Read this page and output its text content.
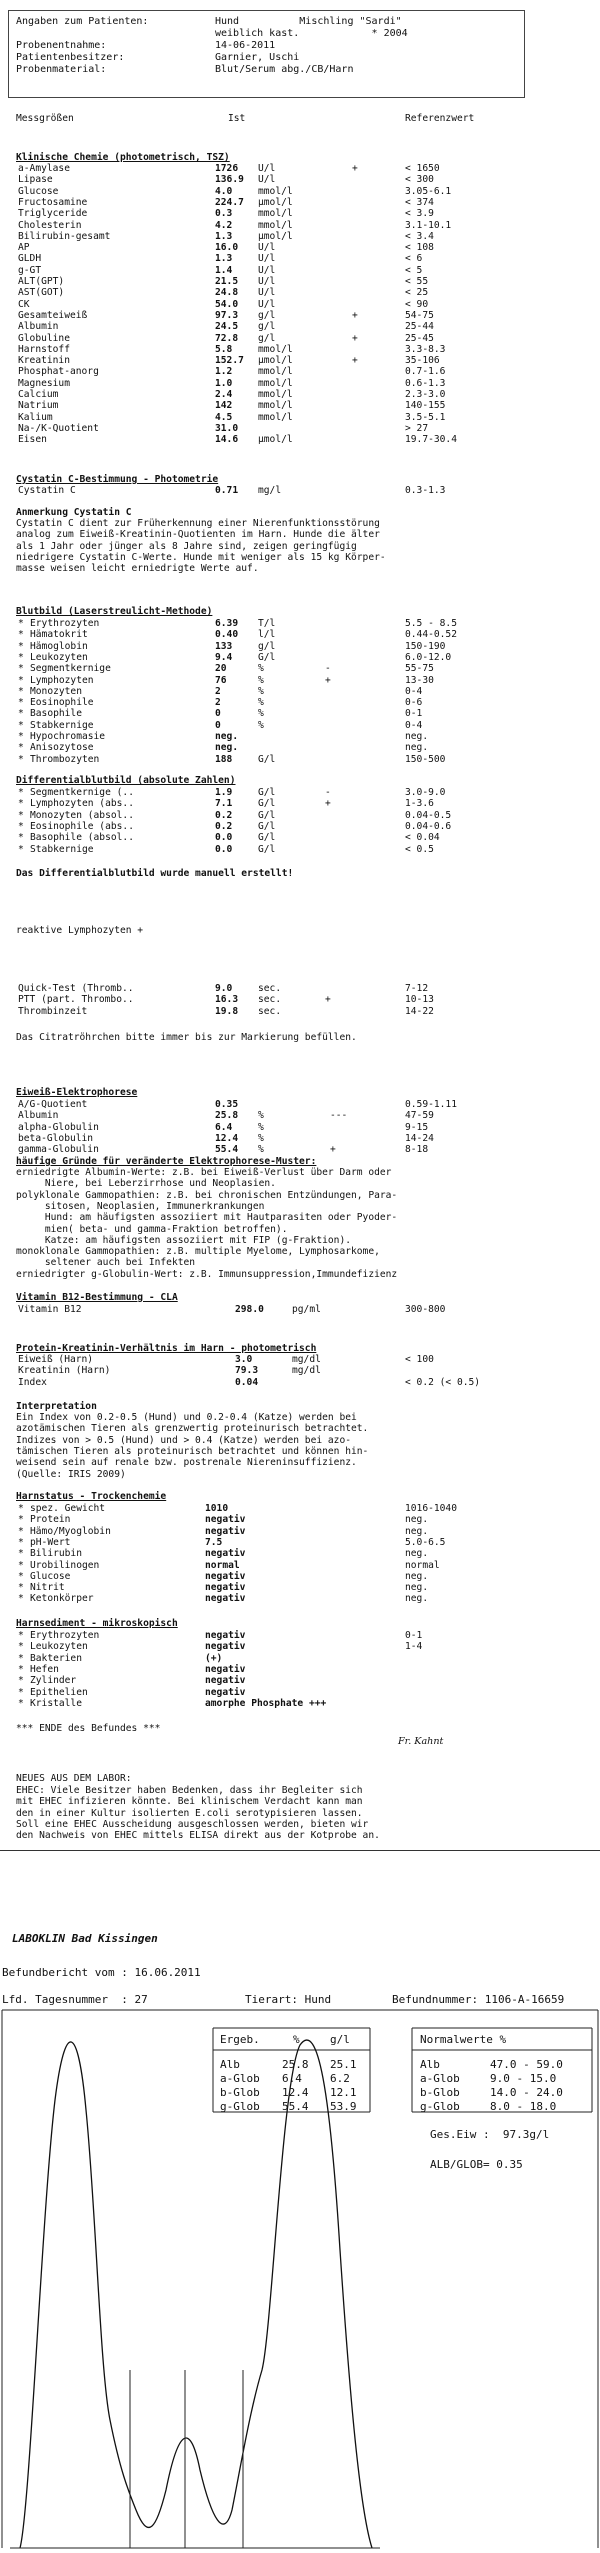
Angaben zum Patienten:	Hund          Mischling "Sardi"
weiblich kast.            * 2004
Probenentnahme:	14-06-2011
Patientenbesitzer:	Garnier, Uschi
Probenmaterial:	Blut/Serum abg./CB/Harn
Messgrößen	Ist	Referenzwert
Klinische Chemie (photometrisch, TSZ)
a-Amylase	1726 U/l	+	< 1650
Lipase	136.9 U/l	< 300
Glucose	4.0	mmol/l	3.05-6.1
Fructosamine	224.7 µmol/l	< 374
Triglyceride	0.3	mmol/l	< 3.9
Cholesterin	4.2	mmol/l	3.1-10.1
Bilirubin-gesamt	1.3	µmol/l	< 3.4
AP	16.0 U/l	< 108
GLDH	1.3	U/l	< 6
g-GT	1.4	U/l	< 5
ALT(GPT)	21.5 U/l	< 55
AST(GOT)	24.8 U/l	< 25
CK	54.0 U/l	< 90
Gesamteiweiß	97.3 g/l	+	54-75
Albumin	24.5 g/l	25-44
Globuline	72.8 g/l	+	25-45
Harnstoff	5.8	mmol/l	3.3-8.3
Kreatinin	152.7 µmol/l	+	35-106
Phosphat-anorg	1.2	mmol/l	0.7-1.6
Magnesium	1.0	mmol/l	0.6-1.3
Calcium	2.4	mmol/l	2.3-3.0
Natrium	142	mmol/l	140-155
Kalium	4.5	mmol/l	3.5-5.1
Na-/K-Quotient	31.0	> 27
Eisen	14.6 µmol/l	19.7-30.4
Cystatin C-Bestimmung - Photometrie
Cystatin C	0.71 mg/l	0.3-1.3
Anmerkung Cystatin C
Cystatin C dient zur Früherkennung einer Nierenfunktionsstörung
analog zum Eiweiß-Kreatinin-Quotienten im Harn. Hunde die älter
als 1 Jahr oder jünger als 8 Jahre sind, zeigen geringfügig
niedrigere Cystatin C-Werte. Hunde mit weniger als 15 kg Körper-
masse weisen leicht erniedrigte Werte auf.
Blutbild (Laserstreulicht-Methode)
* Erythrozyten	6.39 T/l	5.5 - 8.5
* Hämatokrit	0.40 l/l	0.44-0.52
* Hämoglobin	133	g/l	150-190
* Leukozyten	9.4	G/l	6.0-12.0
* Segmentkernige	20	%	-	55-75
* Lymphozyten	76	%	+	13-30
* Monozyten	2	%	0-4
* Eosinophile	2	%	0-6
* Basophile	0	%	0-1
* Stabkernige	0	%	0-4
* Hypochromasie	neg.	neg.
* Anisozytose	neg.	neg.
* Thrombozyten	188	G/l	150-500
Differentialblutbild (absolute Zahlen)
* Segmentkernige (..	1.9	G/l	-	3.0-9.0
* Lymphozyten (abs..	7.1	G/l	+	1-3.6
* Monozyten (absol..	0.2	G/l	0.04-0.5
* Eosinophile (abs..	0.2	G/l	0.04-0.6
* Basophile (absol..	0.0	G/l	< 0.04
* Stabkernige	0.0	G/l	< 0.5
Das Differentialblutbild wurde manuell erstellt!
reaktive Lymphozyten +
Quick-Test (Thromb..	9.0	sec.	7-12
PTT (part. Thrombo..	16.3 sec.	+	10-13
Thrombinzeit	19.8 sec.	14-22
Das Citratröhrchen bitte immer bis zur Markierung befüllen.
Eiweiß-Elektrophorese
A/G-Quotient	0.35	0.59-1.11
Albumin	25.8 %	---	47-59
alpha-Globulin	6.4	%	9-15
beta-Globulin	12.4 %	14-24
gamma-Globulin	55.4 %	+	8-18
häufige Gründe für veränderte Elektrophorese-Muster:
erniedrigte Albumin-Werte: z.B. bei Eiweiß-Verlust über Darm oder
Niere, bei Leberzirrhose und Neoplasien.
polyklonale Gammopathien: z.B. bei chronischen Entzündungen, Para-
sitosen, Neoplasien, Immunerkrankungen
Hund: am häufigsten assoziiert mit Hautparasiten oder Pyoder-
mien( beta- und gamma-Fraktion betroffen).
Katze: am häufigsten assoziiert mit FIP (g-Fraktion).
monoklonale Gammopathien: z.B. multiple Myelome, Lymphosarkome,
seltener auch bei Infekten
erniedrigter g-Globulin-Wert: z.B. Immunsuppression,Immundefizienz
Vitamin B12-Bestimmung - CLA
Vitamin B12	298.0	pg/ml	300-800
Protein-Kreatinin-Verhältnis im Harn - photometrisch
Eiweiß (Harn)	3.0	mg/dl	< 100
Kreatinin (Harn)	79.3	mg/dl
Index	0.04	< 0.2 (< 0.5)
Interpretation
Ein Index von 0.2-0.5 (Hund) und 0.2-0.4 (Katze) werden bei
azotämischen Tieren als grenzwertig proteinurisch betrachtet.
Indizes von > 0.5 (Hund) und > 0.4 (Katze) werden bei azo-
tämischen Tieren als proteinurisch betrachtet und können hin-
weisend sein auf renale bzw. postrenale Niereninsuffizienz.
(Quelle: IRIS 2009)
Harnstatus - Trockenchemie
* spez. Gewicht	1010	1016-1040
* Protein	negativ	neg.
* Hämo/Myoglobin	negativ	neg.
* pH-Wert	7.5	5.0-6.5
* Bilirubin	negativ	neg.
* Urobilinogen	normal	normal
* Glucose	negativ	neg.
* Nitrit	negativ	neg.
* Ketonkörper	negativ	neg.
Harnsediment - mikroskopisch
* Erythrozyten	negativ	0-1
* Leukozyten	negativ	1-4
* Bakterien	(+)
* Hefen	negativ
* Zylinder	negativ
* Epithelien	negativ
* Kristalle	amorphe Phosphate +++
*** ENDE des Befundes ***
Fr. Kahnt
NEUES AUS DEM LABOR:
EHEC: Viele Besitzer haben Bedenken, dass ihr Begleiter sich
mit EHEC infizieren könnte. Bei klinischem Verdacht kann man
den in einer Kultur isolierten E.coli serotypisieren lassen.
Soll eine EHEC Ausscheidung ausgeschlossen werden, bieten wir
den Nachweis von EHEC mittels ELISA direkt aus der Kotprobe an.
LABOKLIN Bad Kissingen
Befundbericht vom : 16.06.2011
Lfd. Tagesnummer  : 27	Tierart: Hund	Befundnummer: 1106-A-16659
Ergeb.	%	g/l
Alb	25.8 25.1
a-Glob 6.4	6.2
b-Glob 12.4 12.1
g-Glob 55.4 53.9
Normalwerte %
Alb	47.0 - 59.0
a-Glob	9.0 - 15.0
b-Glob	14.0 - 24.0
g-Glob	8.0 - 18.0
Ges.Eiw :  97.3g/l
ALB/GLOB= 0.35
